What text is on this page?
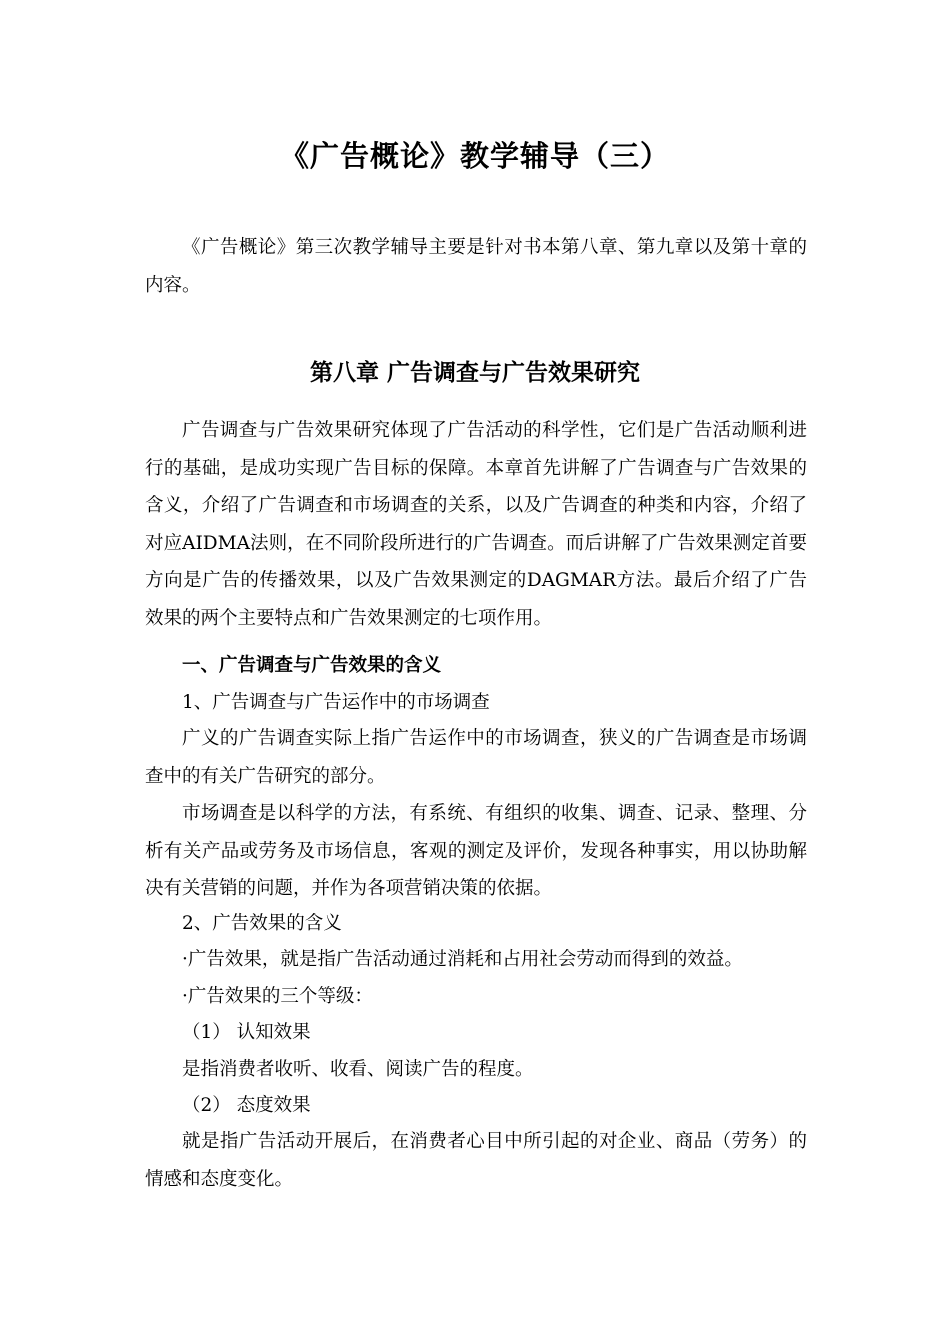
《广告概论》教学辅导（三）
《广告概论》第三次教学辅导主要是针对书本第八章、第九章以及第十章的内容。
第八章 广告调查与广告效果研究
广告调查与广告效果研究体现了广告活动的科学性，它们是广告活动顺利进行的基础，是成功实现广告目标的保障。本章首先讲解了广告调查与广告效果的含义，介绍了广告调查和市场调查的关系，以及广告调查的种类和内容，介绍了对应AIDMA法则，在不同阶段所进行的广告调查。而后讲解了广告效果测定首要方向是广告的传播效果，以及广告效果测定的DAGMAR方法。最后介绍了广告效果的两个主要特点和广告效果测定的七项作用。
一、广告调查与广告效果的含义
1、广告调查与广告运作中的市场调查
广义的广告调查实际上指广告运作中的市场调查，狭义的广告调查是市场调查中的有关广告研究的部分。
市场调查是以科学的方法，有系统、有组织的收集、调查、记录、整理、分析有关产品或劳务及市场信息，客观的测定及评价，发现各种事实，用以协助解决有关营销的问题，并作为各项营销决策的依据。
2、广告效果的含义
·广告效果，就是指广告活动通过消耗和占用社会劳动而得到的效益。
·广告效果的三个等级：
（1） 认知效果
是指消费者收听、收看、阅读广告的程度。
（2） 态度效果
就是指广告活动开展后，在消费者心目中所引起的对企业、商品（劳务）的情感和态度变化。
